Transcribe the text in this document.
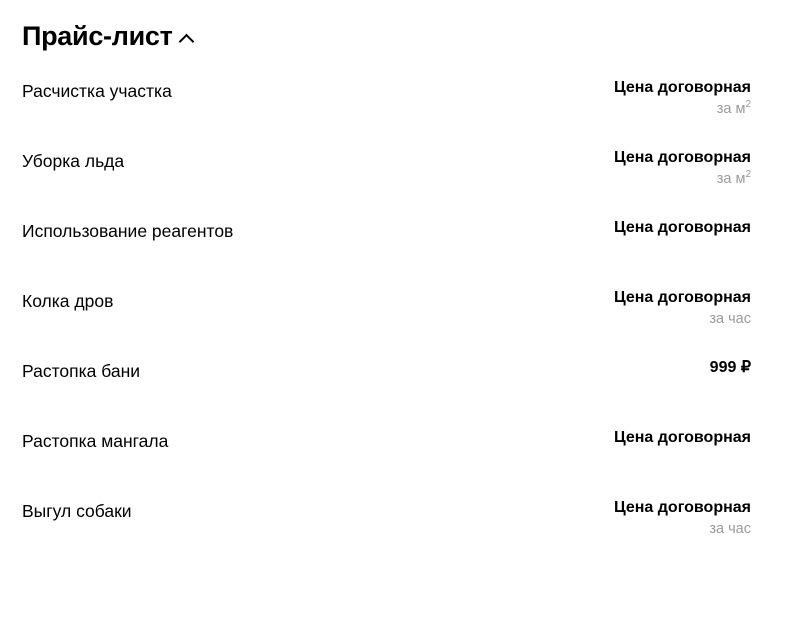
Прайс-лист
Расчистка участка	Цена договорная
за $м^2$
Уборка льда	Цена договорная
за $м^2$
Использование реагентов	Цена договорная
Колка дров	Цена договорная
за час
Растопка бани	999 ₽
Растопка мангала	Цена договорная
Выгул собаки	Цена договорная
за час
